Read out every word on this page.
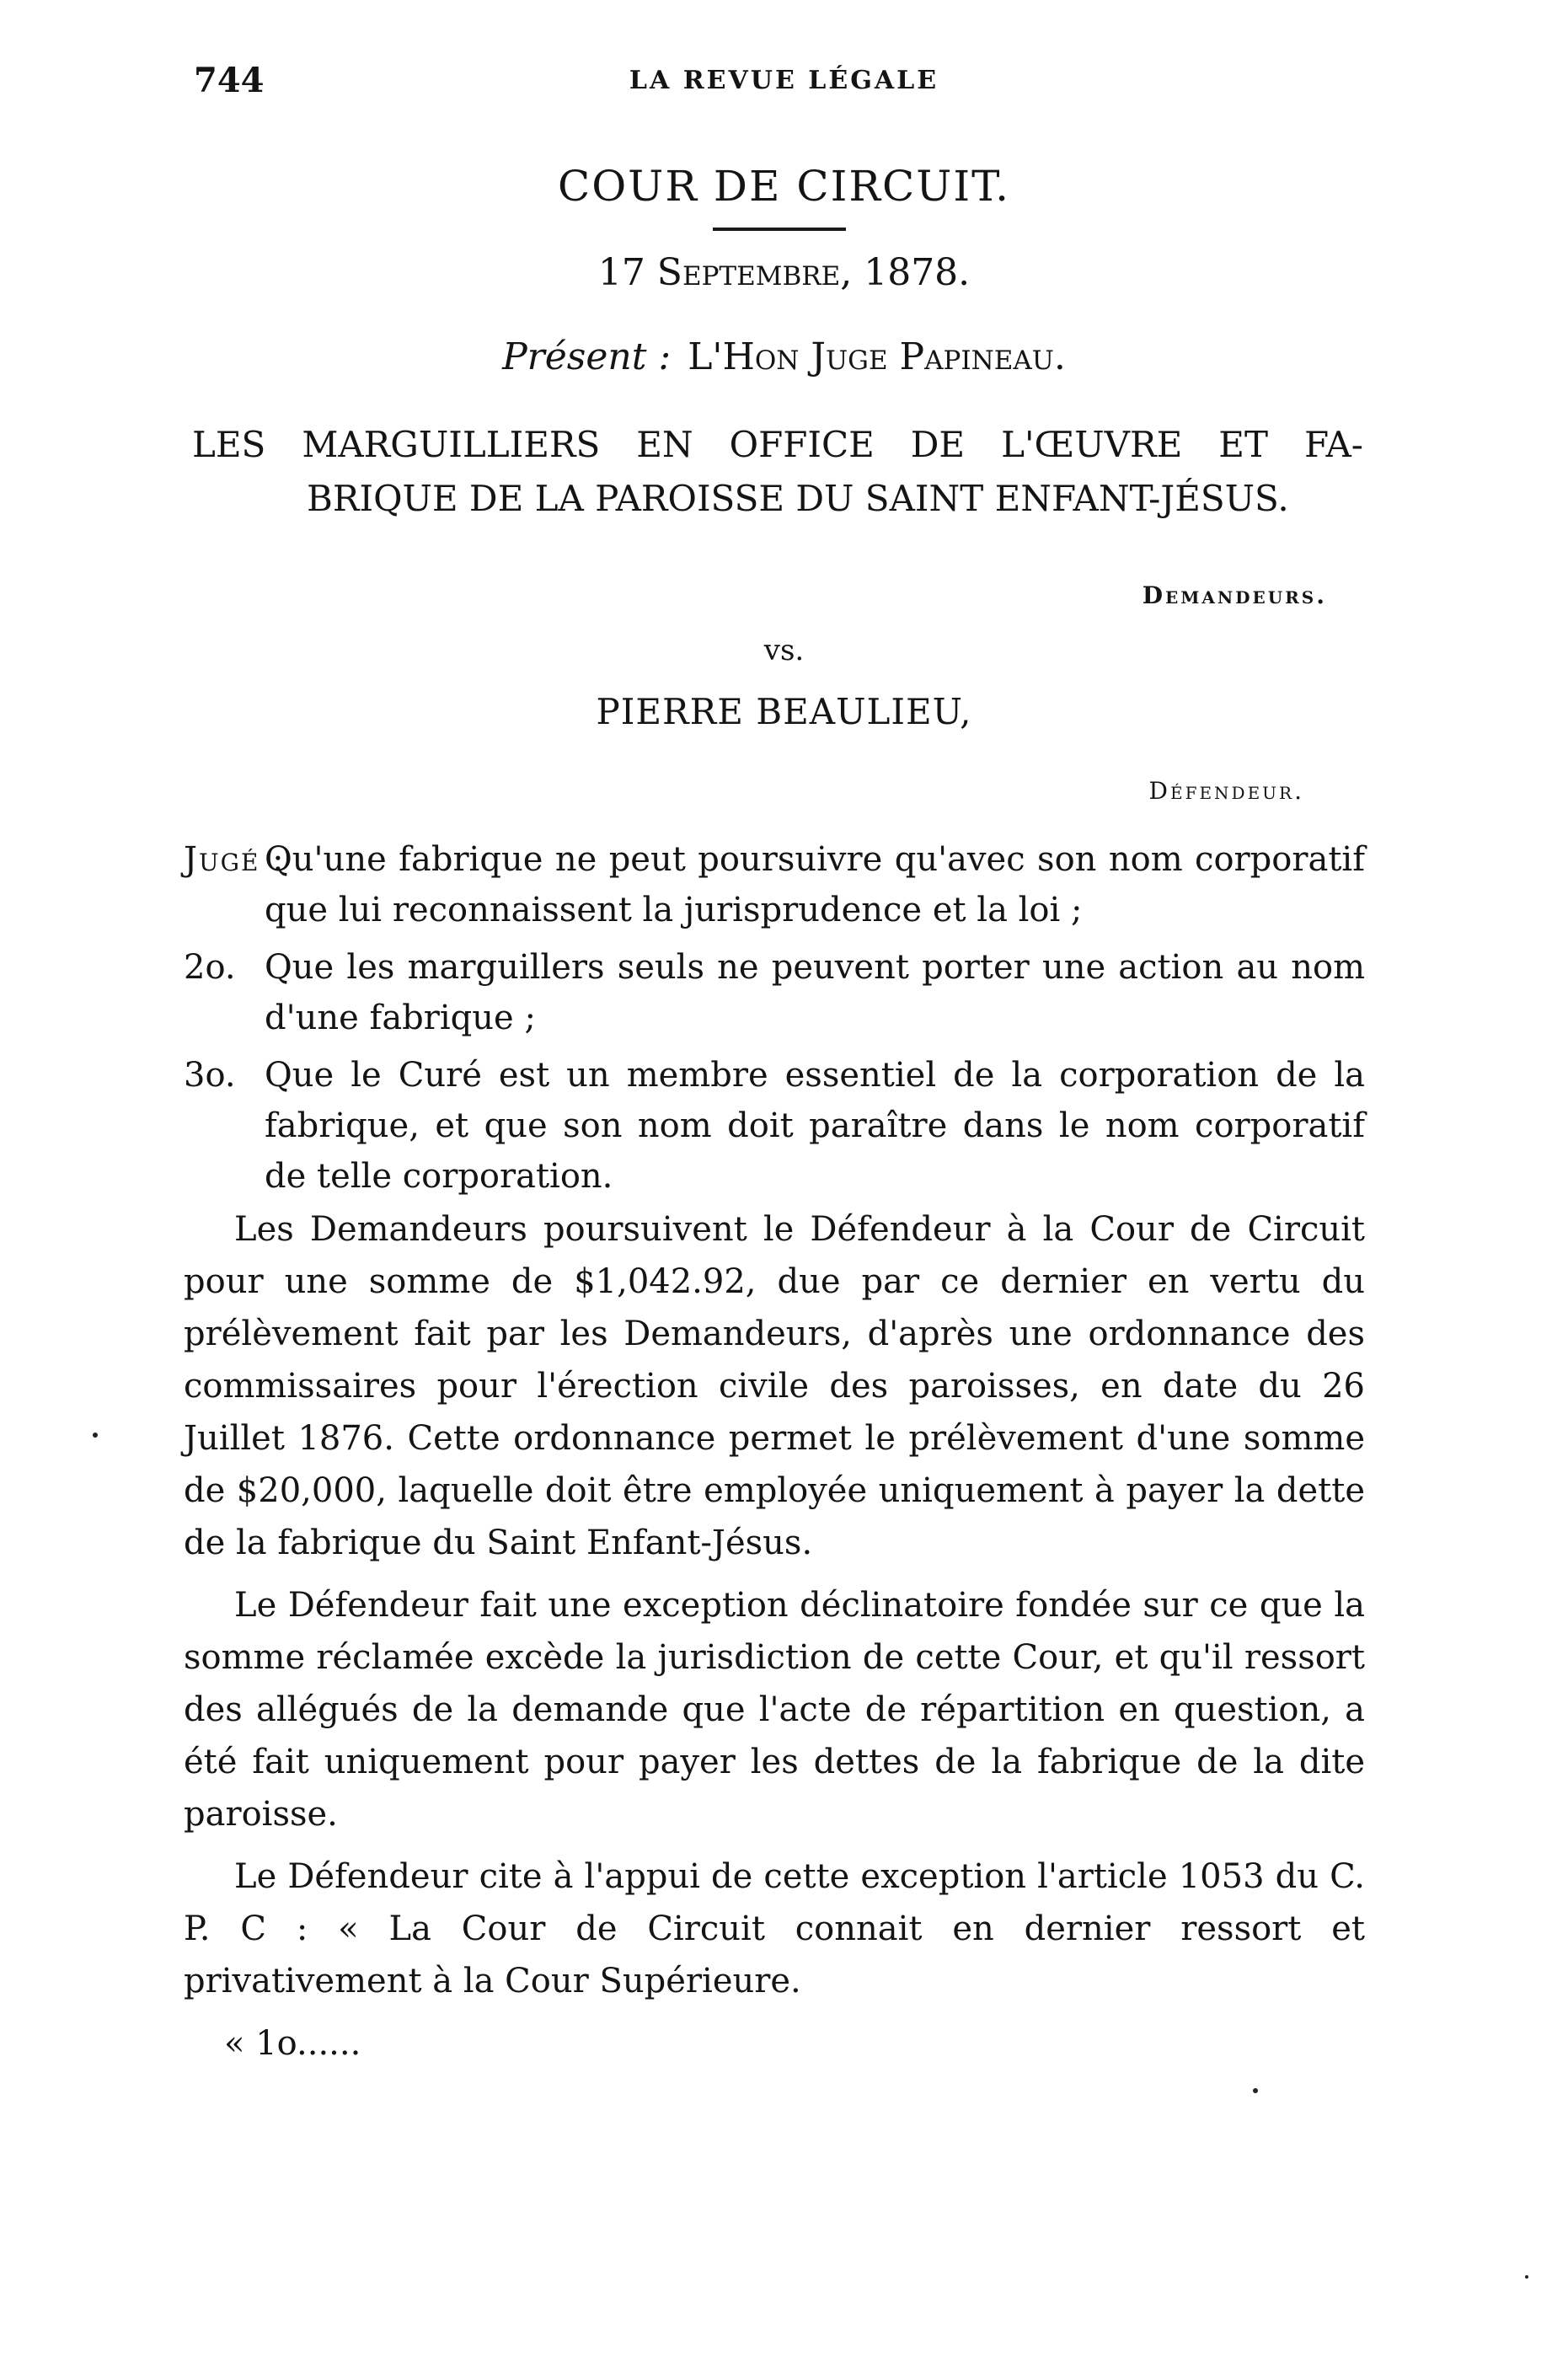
744	LA REVUE LÉGALE
COUR DE CIRCUIT.
17 Septembre, 1878.
Présent : L'Hon Juge Papineau.
LES MARGUILLIERS EN OFFICE DE L'ŒUVRE ET FA-
BRIQUE DE LA PAROISSE DU SAINT ENFANT-JÉSUS.
Demandeurs.
vs.
PIERRE BEAULIEU,
Défendeur.
Jugé :
Qu'une fabrique ne peut poursuivre qu'avec son nom corporatif que lui reconnaissent la jurisprudence et la loi ;
2o. Que les marguillers seuls ne peuvent porter une action au nom d'une fabrique ;
3o. Que le Curé est un membre essentiel de la corporation de la fabrique, et que son nom doit paraître dans le nom corporatif de telle corporation.

Les Demandeurs poursuivent le Défendeur à la Cour de Circuit pour une somme de $1,042.92, due par ce dernier en vertu du prélèvement fait par les Demandeurs, d'après une ordonnance des commissaires pour l'érection civile des paroisses, en date du 26 Juillet 1876. Cette ordonnance permet le prélèvement d'une somme de $20,000, laquelle doit être employée uniquement à payer la dette de la fabrique du Saint Enfant-Jésus.

Le Défendeur fait une exception déclinatoire fondée sur ce que la somme réclamée excède la jurisdiction de cette Cour, et qu'il ressort des allégués de la demande que l'acte de répartition en question, a été fait uniquement pour payer les dettes de la fabrique de la dite paroisse.

Le Défendeur cite à l'appui de cette exception l'article 1053 du C. P. C : « La Cour de Circuit connait en dernier ressort et privativement à la Cour Supérieure.

« 1o......
